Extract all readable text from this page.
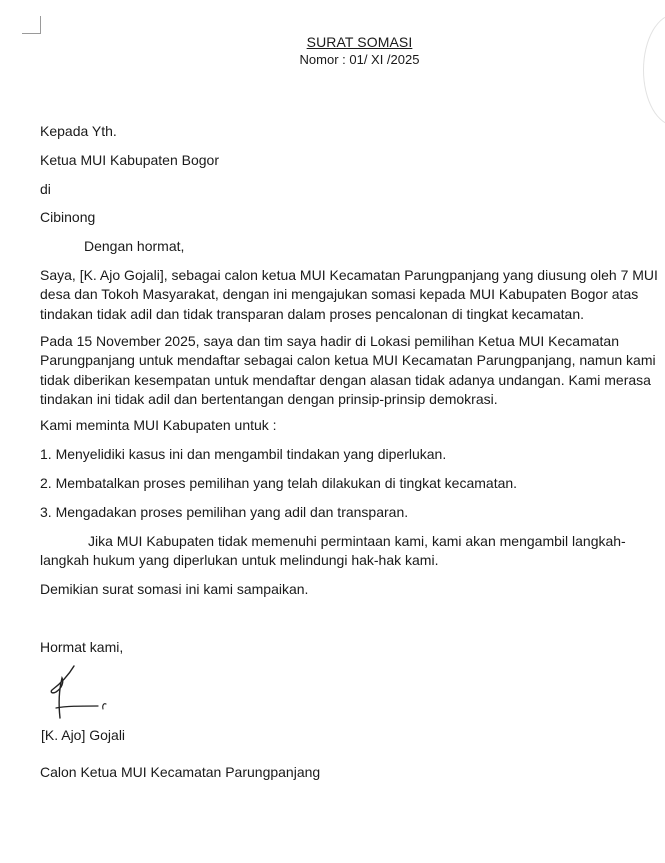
SURAT SOMASI
Nomor : 01/ XI /2025

Kepada Yth.

Ketua MUI Kabupaten Bogor

di

Cibinong

Dengan hormat,

Saya, [K. Ajo Gojali], sebagai calon ketua MUI Kecamatan Parungpanjang yang diusung oleh 7 MUI desa dan Tokoh Masyarakat, dengan ini mengajukan somasi kepada MUI Kabupaten Bogor atas tindakan tidak adil dan tidak transparan dalam proses pencalonan di tingkat kecamatan.

Pada 15 November 2025, saya dan tim saya hadir di Lokasi pemilihan Ketua MUI Kecamatan Parungpanjang untuk mendaftar sebagai calon ketua MUI Kecamatan Parungpanjang, namun kami tidak diberikan kesempatan untuk mendaftar dengan alasan tidak adanya undangan. Kami merasa tindakan ini tidak adil dan bertentangan dengan prinsip-prinsip demokrasi.

Kami meminta MUI Kabupaten untuk :

1. Menyelidiki kasus ini dan mengambil tindakan yang diperlukan.

2. Membatalkan proses pemilihan yang telah dilakukan di tingkat kecamatan.

3. Mengadakan proses pemilihan yang adil dan transparan.

Jika MUI Kabupaten tidak memenuhi permintaan kami, kami akan mengambil langkah-langkah hukum yang diperlukan untuk melindungi hak-hak kami.

Demikian surat somasi ini kami sampaikan.

Hormat kami,

[K. Ajo] Gojali

Calon Ketua MUI Kecamatan Parungpanjang
